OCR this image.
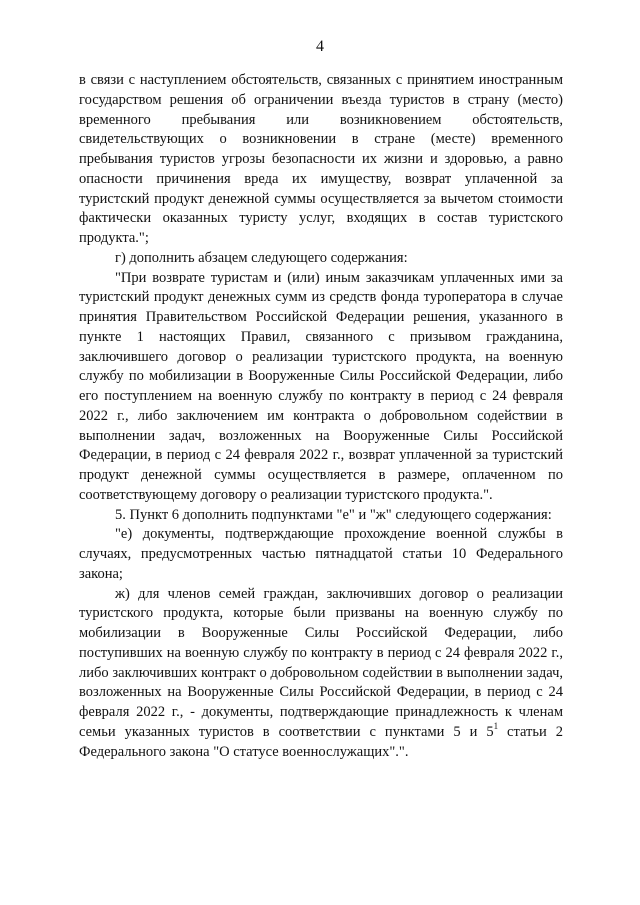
4

в связи с наступлением обстоятельств, связанных с принятием иностранным государством решения об ограничении въезда туристов в страну (место) временного пребывания или возникновением обстоятельств, свидетельствующих о возникновении в стране (месте) временного пребывания туристов угрозы безопасности их жизни и здоровью, а равно опасности причинения вреда их имуществу, возврат уплаченной за туристский продукт денежной суммы осуществляется за вычетом стоимости фактически оказанных туристу услуг, входящих в состав туристского продукта.";

г) дополнить абзацем следующего содержания:

"При возврате туристам и (или) иным заказчикам уплаченных ими за туристский продукт денежных сумм из средств фонда туроператора в случае принятия Правительством Российской Федерации решения, указанного в пункте 1 настоящих Правил, связанного с призывом гражданина, заключившего договор о реализации туристского продукта, на военную службу по мобилизации в Вооруженные Силы Российской Федерации, либо его поступлением на военную службу по контракту в период с 24 февраля 2022 г., либо заключением им контракта о добровольном содействии в выполнении задач, возложенных на Вооруженные Силы Российской Федерации, в период с 24 февраля 2022 г., возврат уплаченной за туристский продукт денежной суммы осуществляется в размере, оплаченном по соответствующему договору о реализации туристского продукта.".

5. Пункт 6 дополнить подпунктами "е" и "ж" следующего содержания:

"е) документы, подтверждающие прохождение военной службы в случаях, предусмотренных частью пятнадцатой статьи 10 Федерального закона;

ж) для членов семей граждан, заключивших договор о реализации туристского продукта, которые были призваны на военную службу по мобилизации в Вооруженные Силы Российской Федерации, либо поступивших на военную службу по контракту в период с 24 февраля 2022 г., либо заключивших контракт о добровольном содействии в выполнении задач, возложенных на Вооруженные Силы Российской Федерации, в период с 24 февраля 2022 г., - документы, подтверждающие принадлежность к членам семьи указанных туристов в соответствии с пунктами 5 и $5^1$ статьи 2 Федерального закона "О статусе военнослужащих".".
